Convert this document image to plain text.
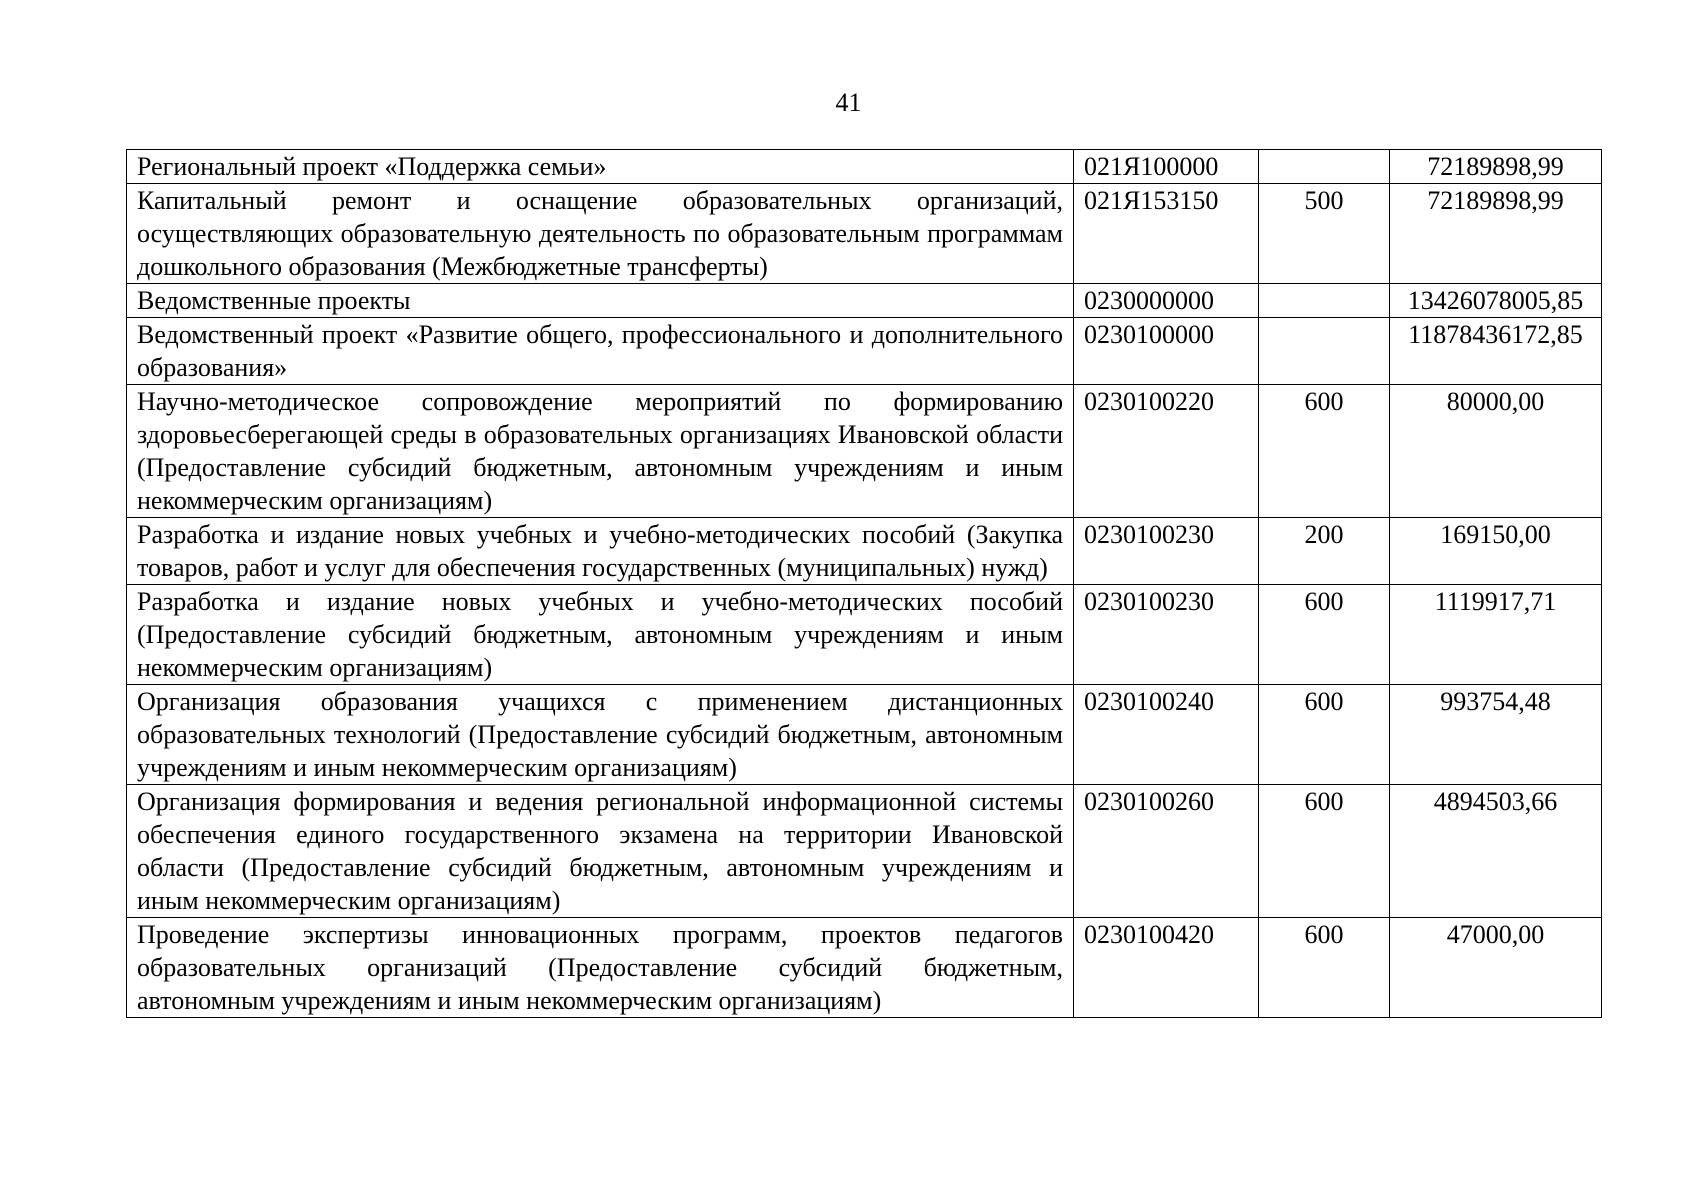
41
Региональный проект «Поддержка семьи»	021Я100000		72189898,99
Капитальный ремонт и оснащение образовательных организаций, осуществляющих образовательную деятельность по образовательным программам дошкольного образования (Межбюджетные трансферты)	021Я153150	500	72189898,99
Ведомственные проекты	0230000000		13426078005,85
Ведомственный проект «Развитие общего, профессионального и дополнительного образования»	0230100000		11878436172,85
Научно-методическое сопровождение мероприятий по формированию здоровьесберегающей среды в образовательных организациях Ивановской области (Предоставление субсидий бюджетным, автономным учреждениям и иным некоммерческим организациям)	0230100220	600	80000,00
Разработка и издание новых учебных и учебно-методических пособий (Закупка товаров, работ и услуг для обеспечения государственных (муниципальных) нужд)	0230100230	200	169150,00
Разработка и издание новых учебных и учебно-методических пособий (Предоставление субсидий бюджетным, автономным учреждениям и иным некоммерческим организациям)	0230100230	600	1119917,71
Организация образования учащихся с применением дистанционных образовательных технологий (Предоставление субсидий бюджетным, автономным учреждениям и иным некоммерческим организациям)	0230100240	600	993754,48
Организация формирования и ведения региональной информационной системы обеспечения единого государственного экзамена на территории Ивановской области (Предоставление субсидий бюджетным, автономным учреждениям и иным некоммерческим организациям)	0230100260	600	4894503,66
Проведение экспертизы инновационных программ, проектов педагогов образовательных организаций (Предоставление субсидий бюджетным, автономным учреждениям и иным некоммерческим организациям)	0230100420	600	47000,00
